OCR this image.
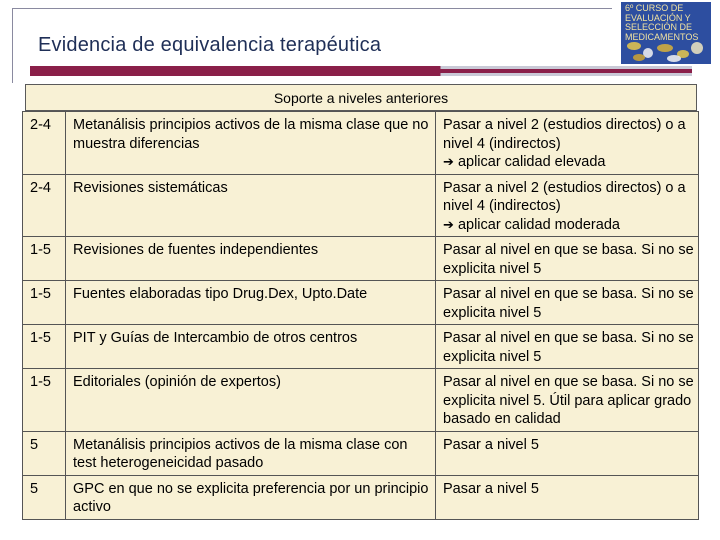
Evidencia de equivalencia terapéutica
6º CURSO DE
EVALUACIÓN Y
SELECCIÓN DE
MEDICAMENTOS
Soporte a niveles anteriores
2-4	Metanálisis principios activos de la misma clase que no muestra diferencias	Pasar a nivel 2 (estudios directos) o a nivel 4 (indirectos)
➔ aplicar calidad elevada
2-4	Revisiones sistemáticas	Pasar a nivel 2 (estudios directos) o a nivel 4 (indirectos)
➔ aplicar calidad moderada
1-5	Revisiones de fuentes independientes	Pasar al nivel en que se basa. Si no se explicita nivel 5
1-5	Fuentes elaboradas tipo Drug.Dex, Upto.Date	Pasar al nivel en que se basa. Si no se explicita nivel 5
1-5	PIT y Guías de Intercambio de otros centros	Pasar al nivel en que se basa. Si no se explicita nivel 5
1-5	Editoriales (opinión de expertos)	Pasar al nivel en que se basa. Si no se explicita nivel 5. Útil para aplicar grado basado en calidad
5	Metanálisis principios activos de la misma clase con test heterogeneicidad pasado	Pasar a nivel 5
5	GPC en que no se explicita preferencia por un principio activo	Pasar a nivel 5
